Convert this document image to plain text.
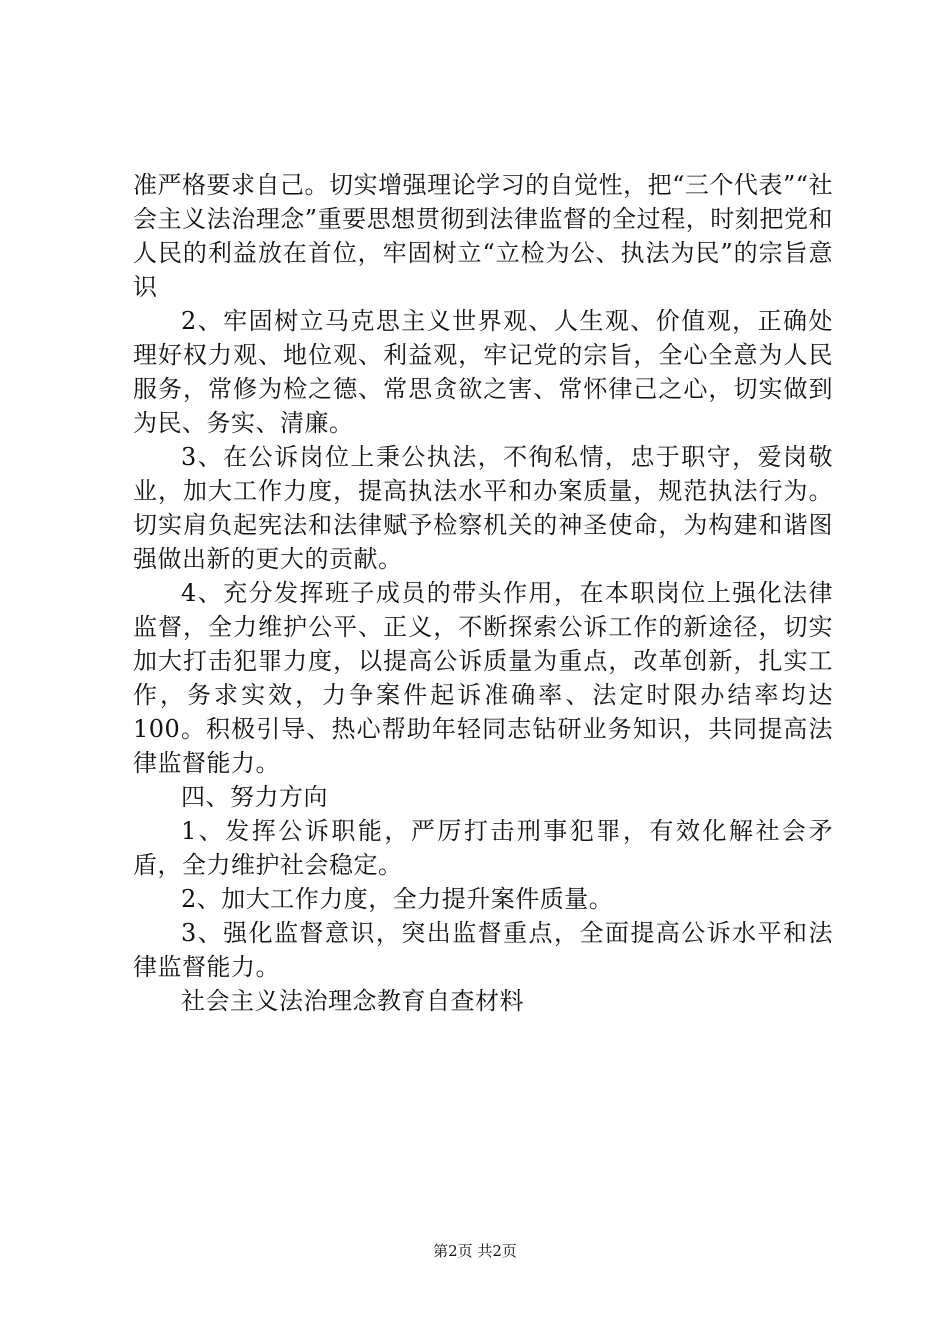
准严格要求自己。切实增强理论学习的自觉性，把“三个代表”“社会主义法治理念”重要思想贯彻到法律监督的全过程，时刻把党和人民的利益放在首位，牢固树立“立检为公、执法为民”的宗旨意识

2、牢固树立马克思主义世界观、人生观、价值观，正确处理好权力观、地位观、利益观，牢记党的宗旨，全心全意为人民服务，常修为检之德、常思贪欲之害、常怀律己之心，切实做到为民、务实、清廉。

3、在公诉岗位上秉公执法，不徇私情，忠于职守，爱岗敬业，加大工作力度，提高执法水平和办案质量，规范执法行为。切实肩负起宪法和法律赋予检察机关的神圣使命，为构建和谐图强做出新的更大的贡献。

4、充分发挥班子成员的带头作用，在本职岗位上强化法律监督，全力维护公平、正义，不断探索公诉工作的新途径，切实加大打击犯罪力度，以提高公诉质量为重点，改革创新，扎实工作，务求实效，力争案件起诉准确率、法定时限办结率均达100。积极引导、热心帮助年轻同志钻研业务知识，共同提高法律监督能力。

四、努力方向

1、发挥公诉职能，严厉打击刑事犯罪，有效化解社会矛盾，全力维护社会稳定。

2、加大工作力度，全力提升案件质量。

3、强化监督意识，突出监督重点，全面提高公诉水平和法律监督能力。

社会主义法治理念教育自查材料

第2页 共2页
